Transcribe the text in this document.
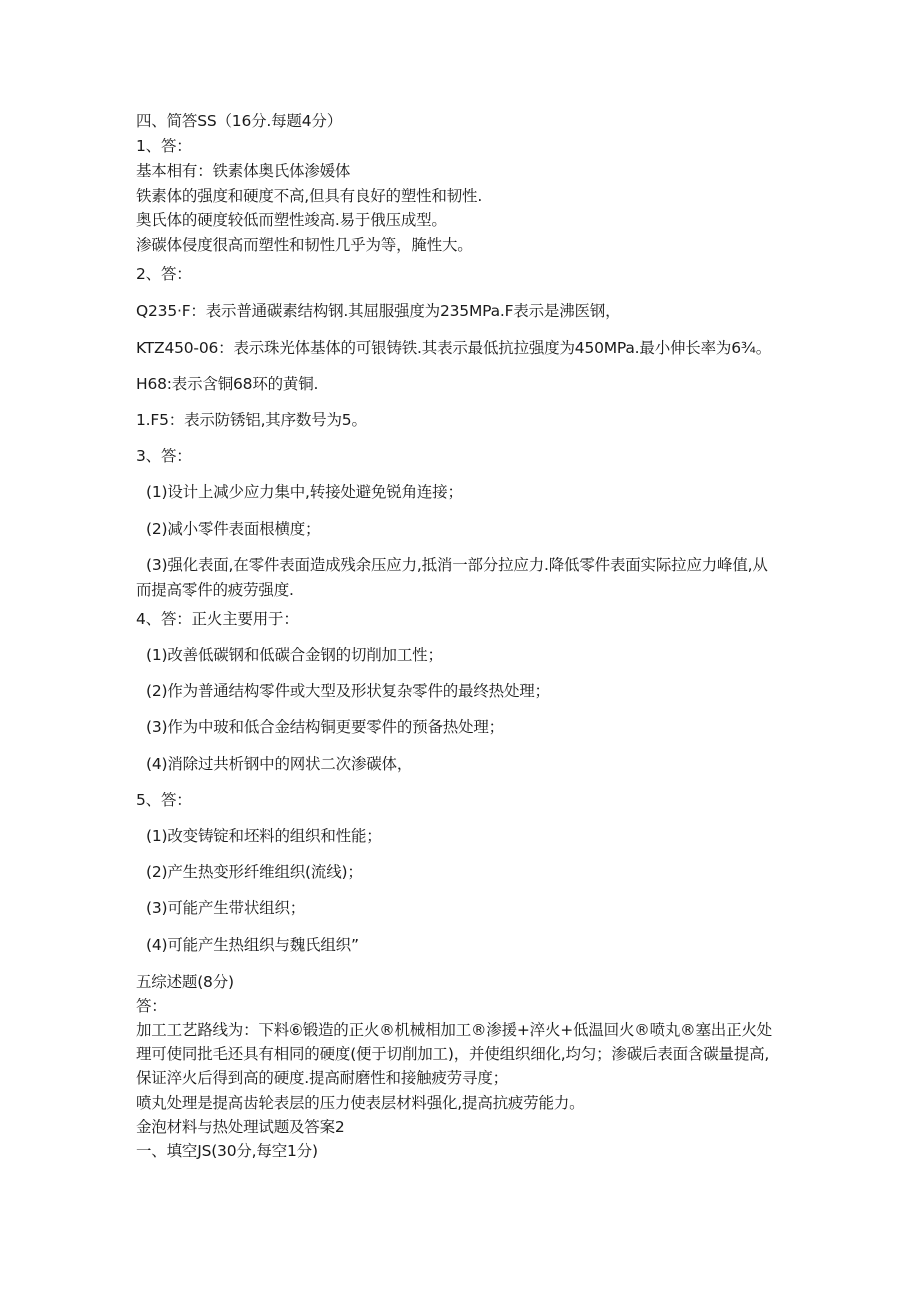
四、简答SS（16分.每题4分）
1、答：
基本相有：铁素体奥氏体渗媛体
铁素体的强度和硬度不高,但具有良好的塑性和韧性.
奥氏体的硬度较低而塑性竣高.易于俄压成型。
渗碳体侵度很高而塑性和韧性几乎为等，腌性大。
2、答：
Q235·F：表示普通碳素结构钢.其屈服强度为235MPa.F表示是沸医钢，
KTZ450-06：表示珠光体基体的可银铸铁.其表示最低抗拉强度为450MPa.最小伸长率为6¾。
H68:表示含铜68环的黄铜.
1.F5：表示防锈铝,其序数号为5。
3、答：
(1)设计上减少应力集中,转接处避免锐角连接；
(2)减小零件表面根横度；
(3)强化表面,在零件表面造成残余压应力,抵消一部分拉应力.降低零件表面实际拉应力峰值,从
而提高零件的疲劳强度.
4、答：正火主要用于：
(1)改善低碳钢和低碳合金钢的切削加工性；
(2)作为普通结构零件或大型及形状复杂零件的最终热处理；
(3)作为中玻和低合金结构铜更要零件的预备热处理；
(4)消除过共析钢中的网状二次渗碳体，
5、答：
(1)改变铸锭和坯料的组织和性能；
(2)产生热变形纤维组织(流线)；
(3)可能产生带状组织；
(4)可能产生热组织与魏氏组织”
五综述题(8分)
答：
加工工艺路线为：下料⑥锻造的正火®机械相加工®渗援+淬火+低温回火®喷丸®塞出正火处
理可使同批毛还具有相同的硬度(便于切削加工)，并使组织细化,均匀；渗碳后表面含碳量提高,
保证淬火后得到高的硬度.提高耐磨性和接触疲劳寻度；
喷丸处理是提高齿轮表层的压力使表层材料强化,提高抗疲劳能力。
金泡材料与热处理试题及答案2
一、填空JS(30分,每空1分)
